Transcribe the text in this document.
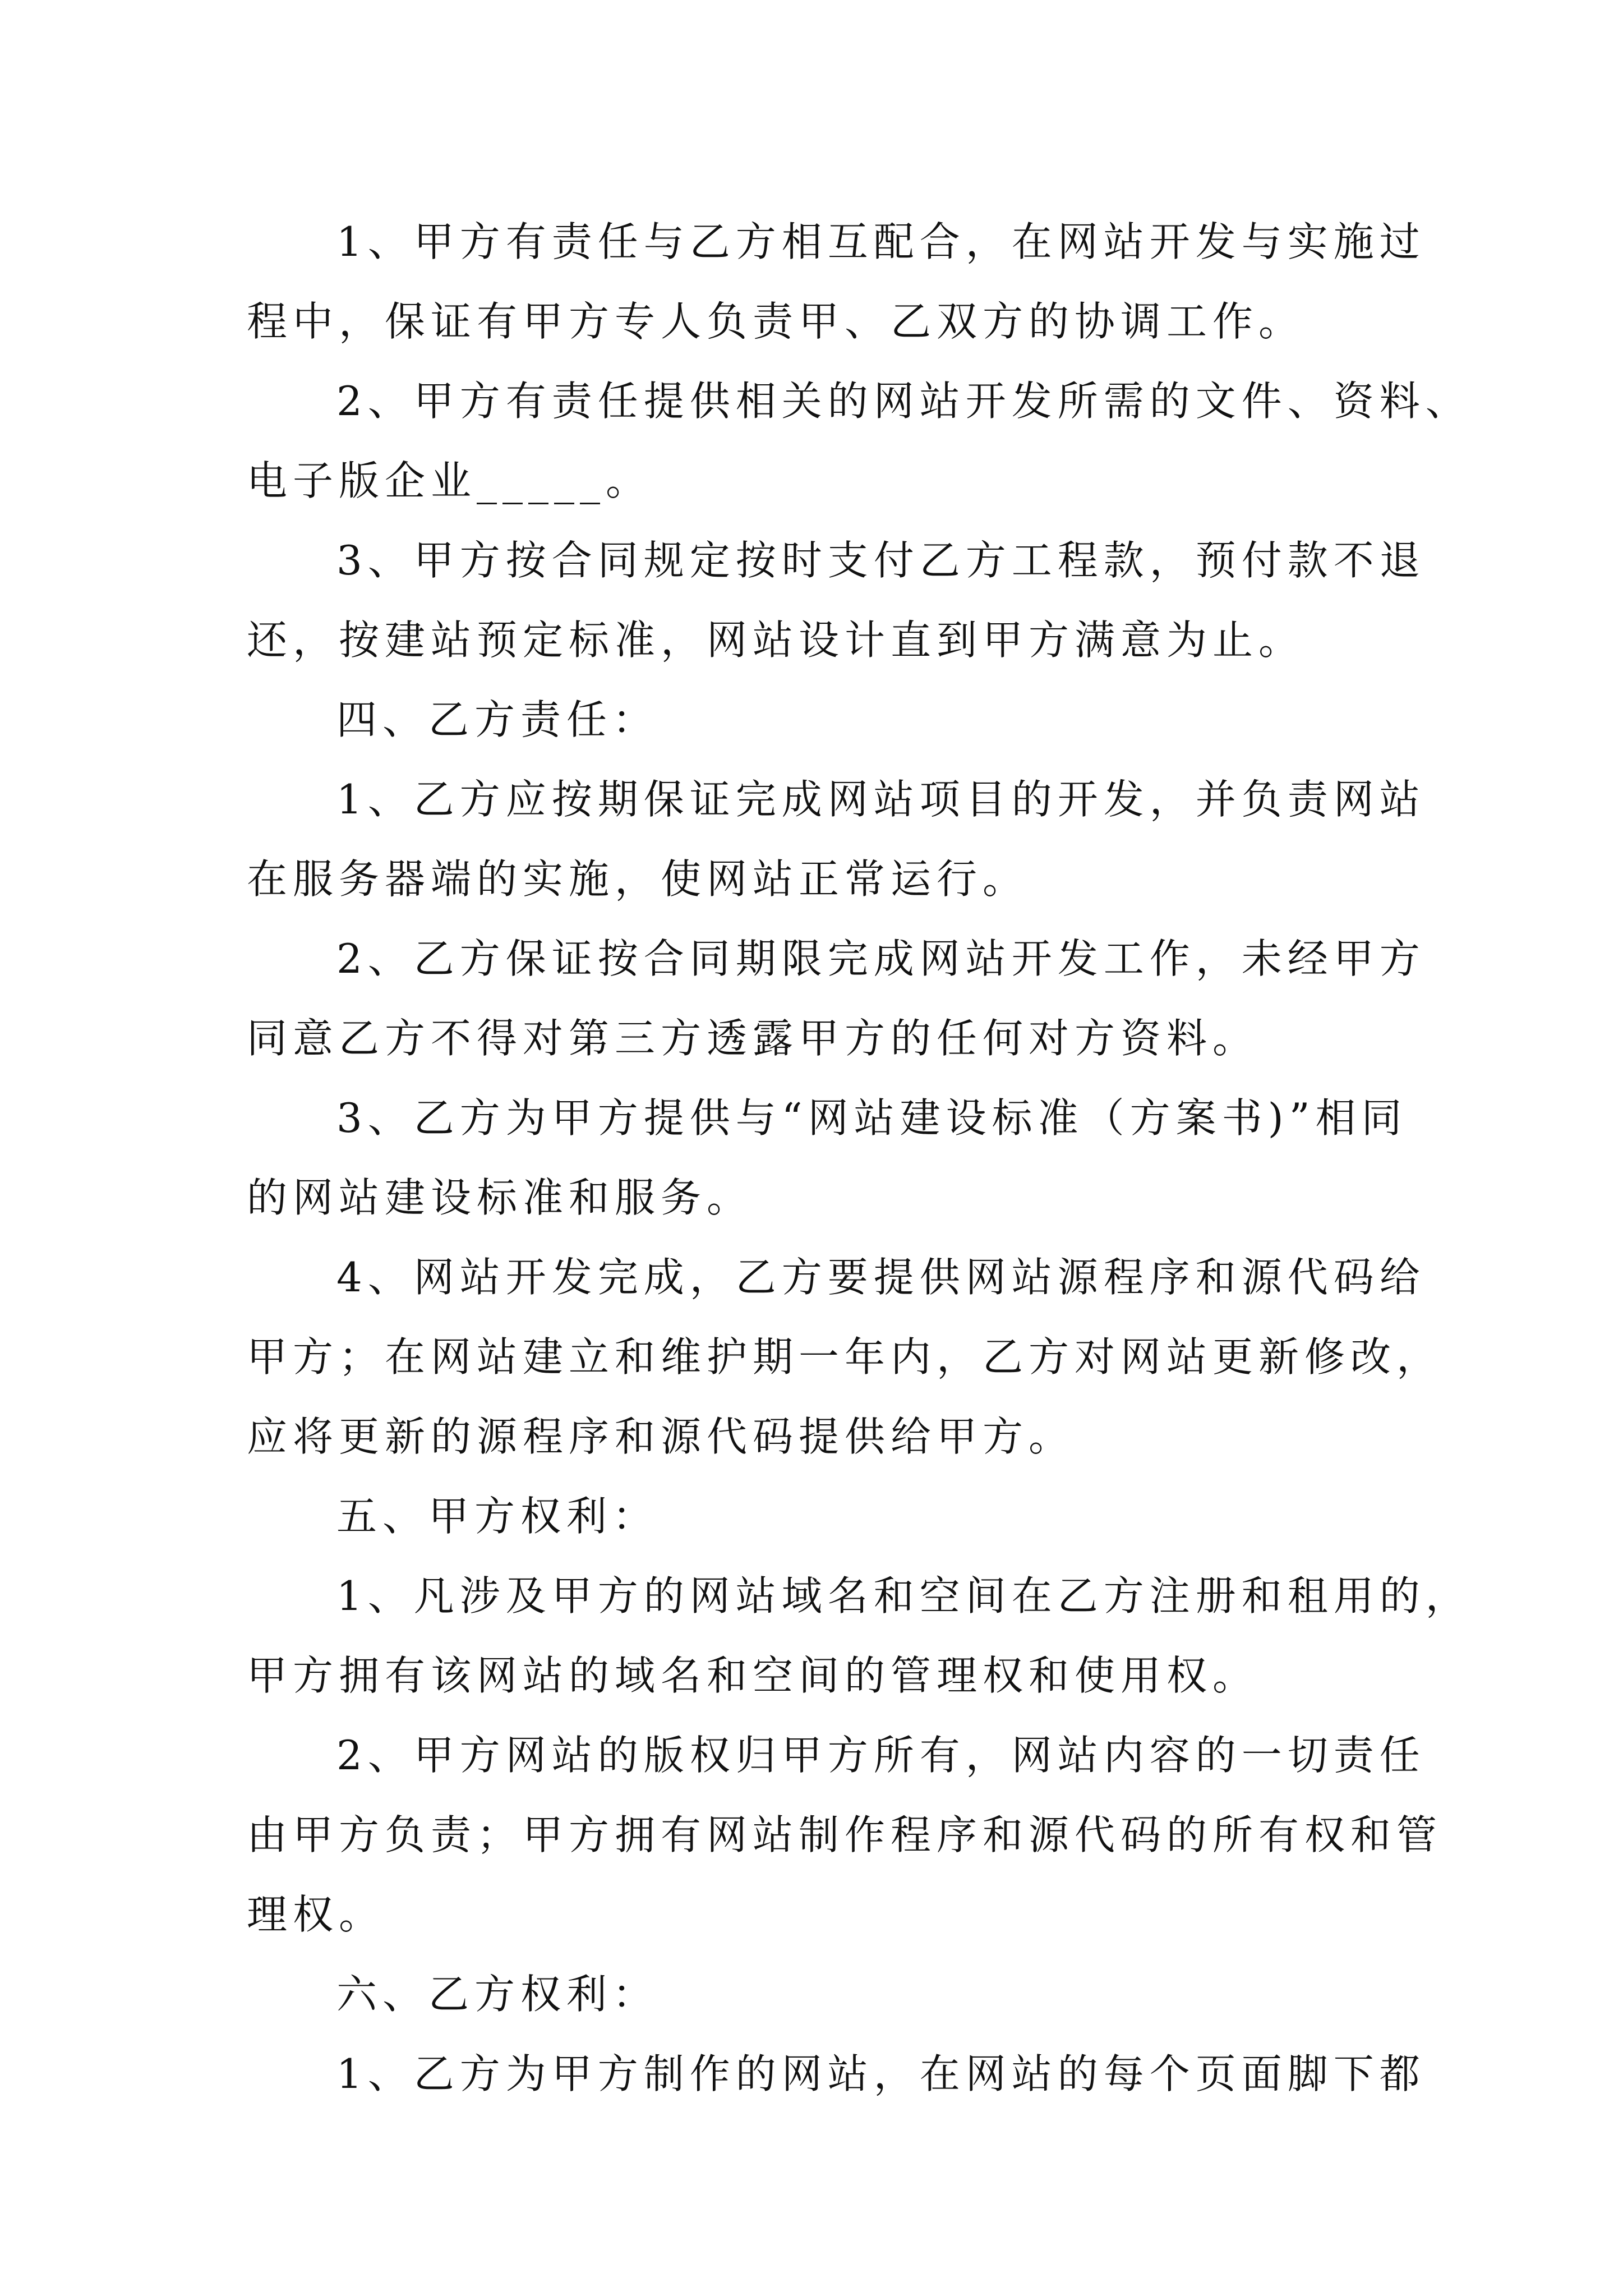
1、甲方有责任与乙方相互配合，在网站开发与实施过
程中，保证有甲方专人负责甲、乙双方的协调工作。
2、甲方有责任提供相关的网站开发所需的文件、资料、
电子版企业_____。
3、甲方按合同规定按时支付乙方工程款，预付款不退
还，按建站预定标准，网站设计直到甲方满意为止。
四、乙方责任：
1、乙方应按期保证完成网站项目的开发，并负责网站
在服务器端的实施，使网站正常运行。
2、乙方保证按合同期限完成网站开发工作，未经甲方
同意乙方不得对第三方透露甲方的任何对方资料。
3、乙方为甲方提供与“网站建设标准（方案书)”相同
的网站建设标准和服务。
4、网站开发完成，乙方要提供网站源程序和源代码给
甲方；在网站建立和维护期一年内，乙方对网站更新修改，
应将更新的源程序和源代码提供给甲方。
五、甲方权利：
1、凡涉及甲方的网站域名和空间在乙方注册和租用的，
甲方拥有该网站的域名和空间的管理权和使用权。
2、甲方网站的版权归甲方所有，网站内容的一切责任
由甲方负责；甲方拥有网站制作程序和源代码的所有权和管
理权。
六、乙方权利：
1、乙方为甲方制作的网站，在网站的每个页面脚下都
